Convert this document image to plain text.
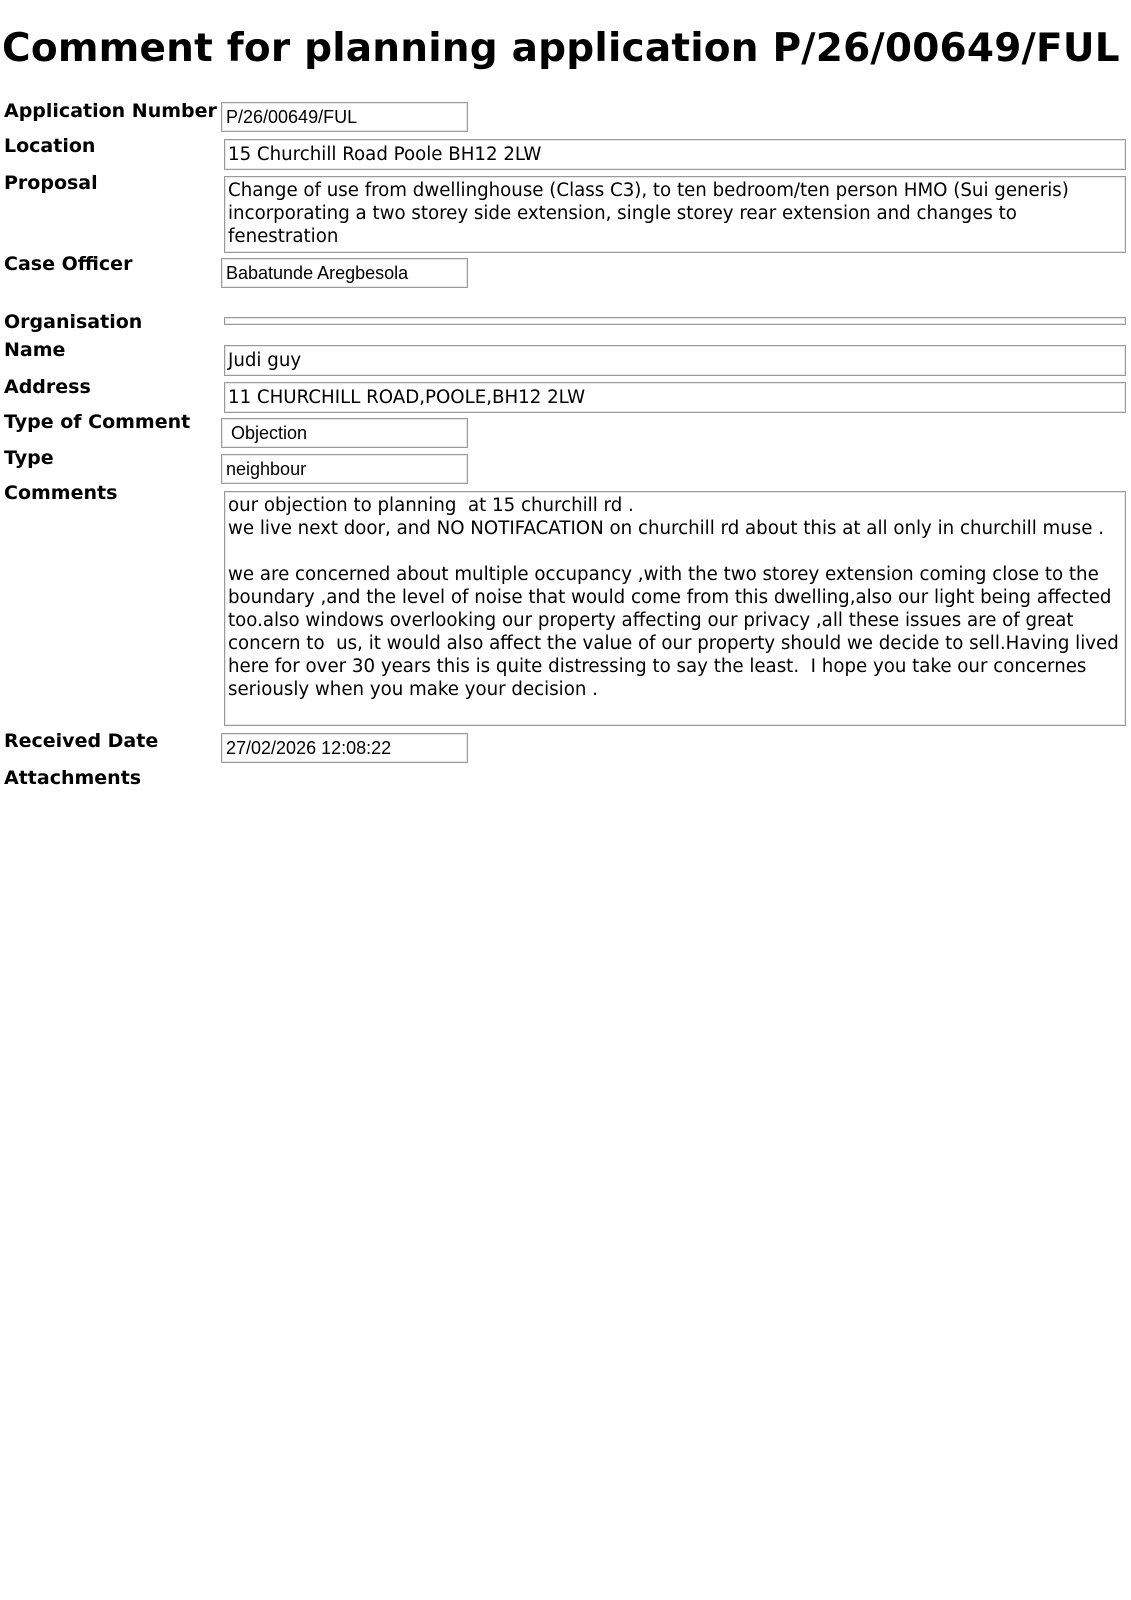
Comment for planning application P/26/00649/FUL
Application Number P/26/00649/FUL
Location	15 Churchill Road Poole BH12 2LW
Proposal	Change of use from dwellinghouse (Class C3), to ten bedroom/ten person HMO (Sui generis) incorporating a two storey side extension, single storey rear extension and changes to fenestration
Case Officer	Babatunde Aregbesola
Organisation
Name	Judi guy
Address	11 CHURCHILL ROAD,POOLE,BH12 2LW
Type of Comment	Objection
Type	neighbour
Comments
our objection to planning  at 15 churchill rd .
we live next door, and NO NOTIFACATION on churchill rd about this at all only in churchill muse .

we are concerned about multiple occupancy ,with the two storey extension coming close to the boundary ,and the level of noise that would come from this dwelling,also our light being affected too.also windows overlooking our property affecting our privacy ,all these issues are of great concern to  us, it would also affect the value of our property should we decide to sell.Having lived here for over 30 years this is quite distressing to say the least.  I hope you take our concernes seriously when you make your decision .
Received Date	27/02/2026 12:08:22
Attachments
